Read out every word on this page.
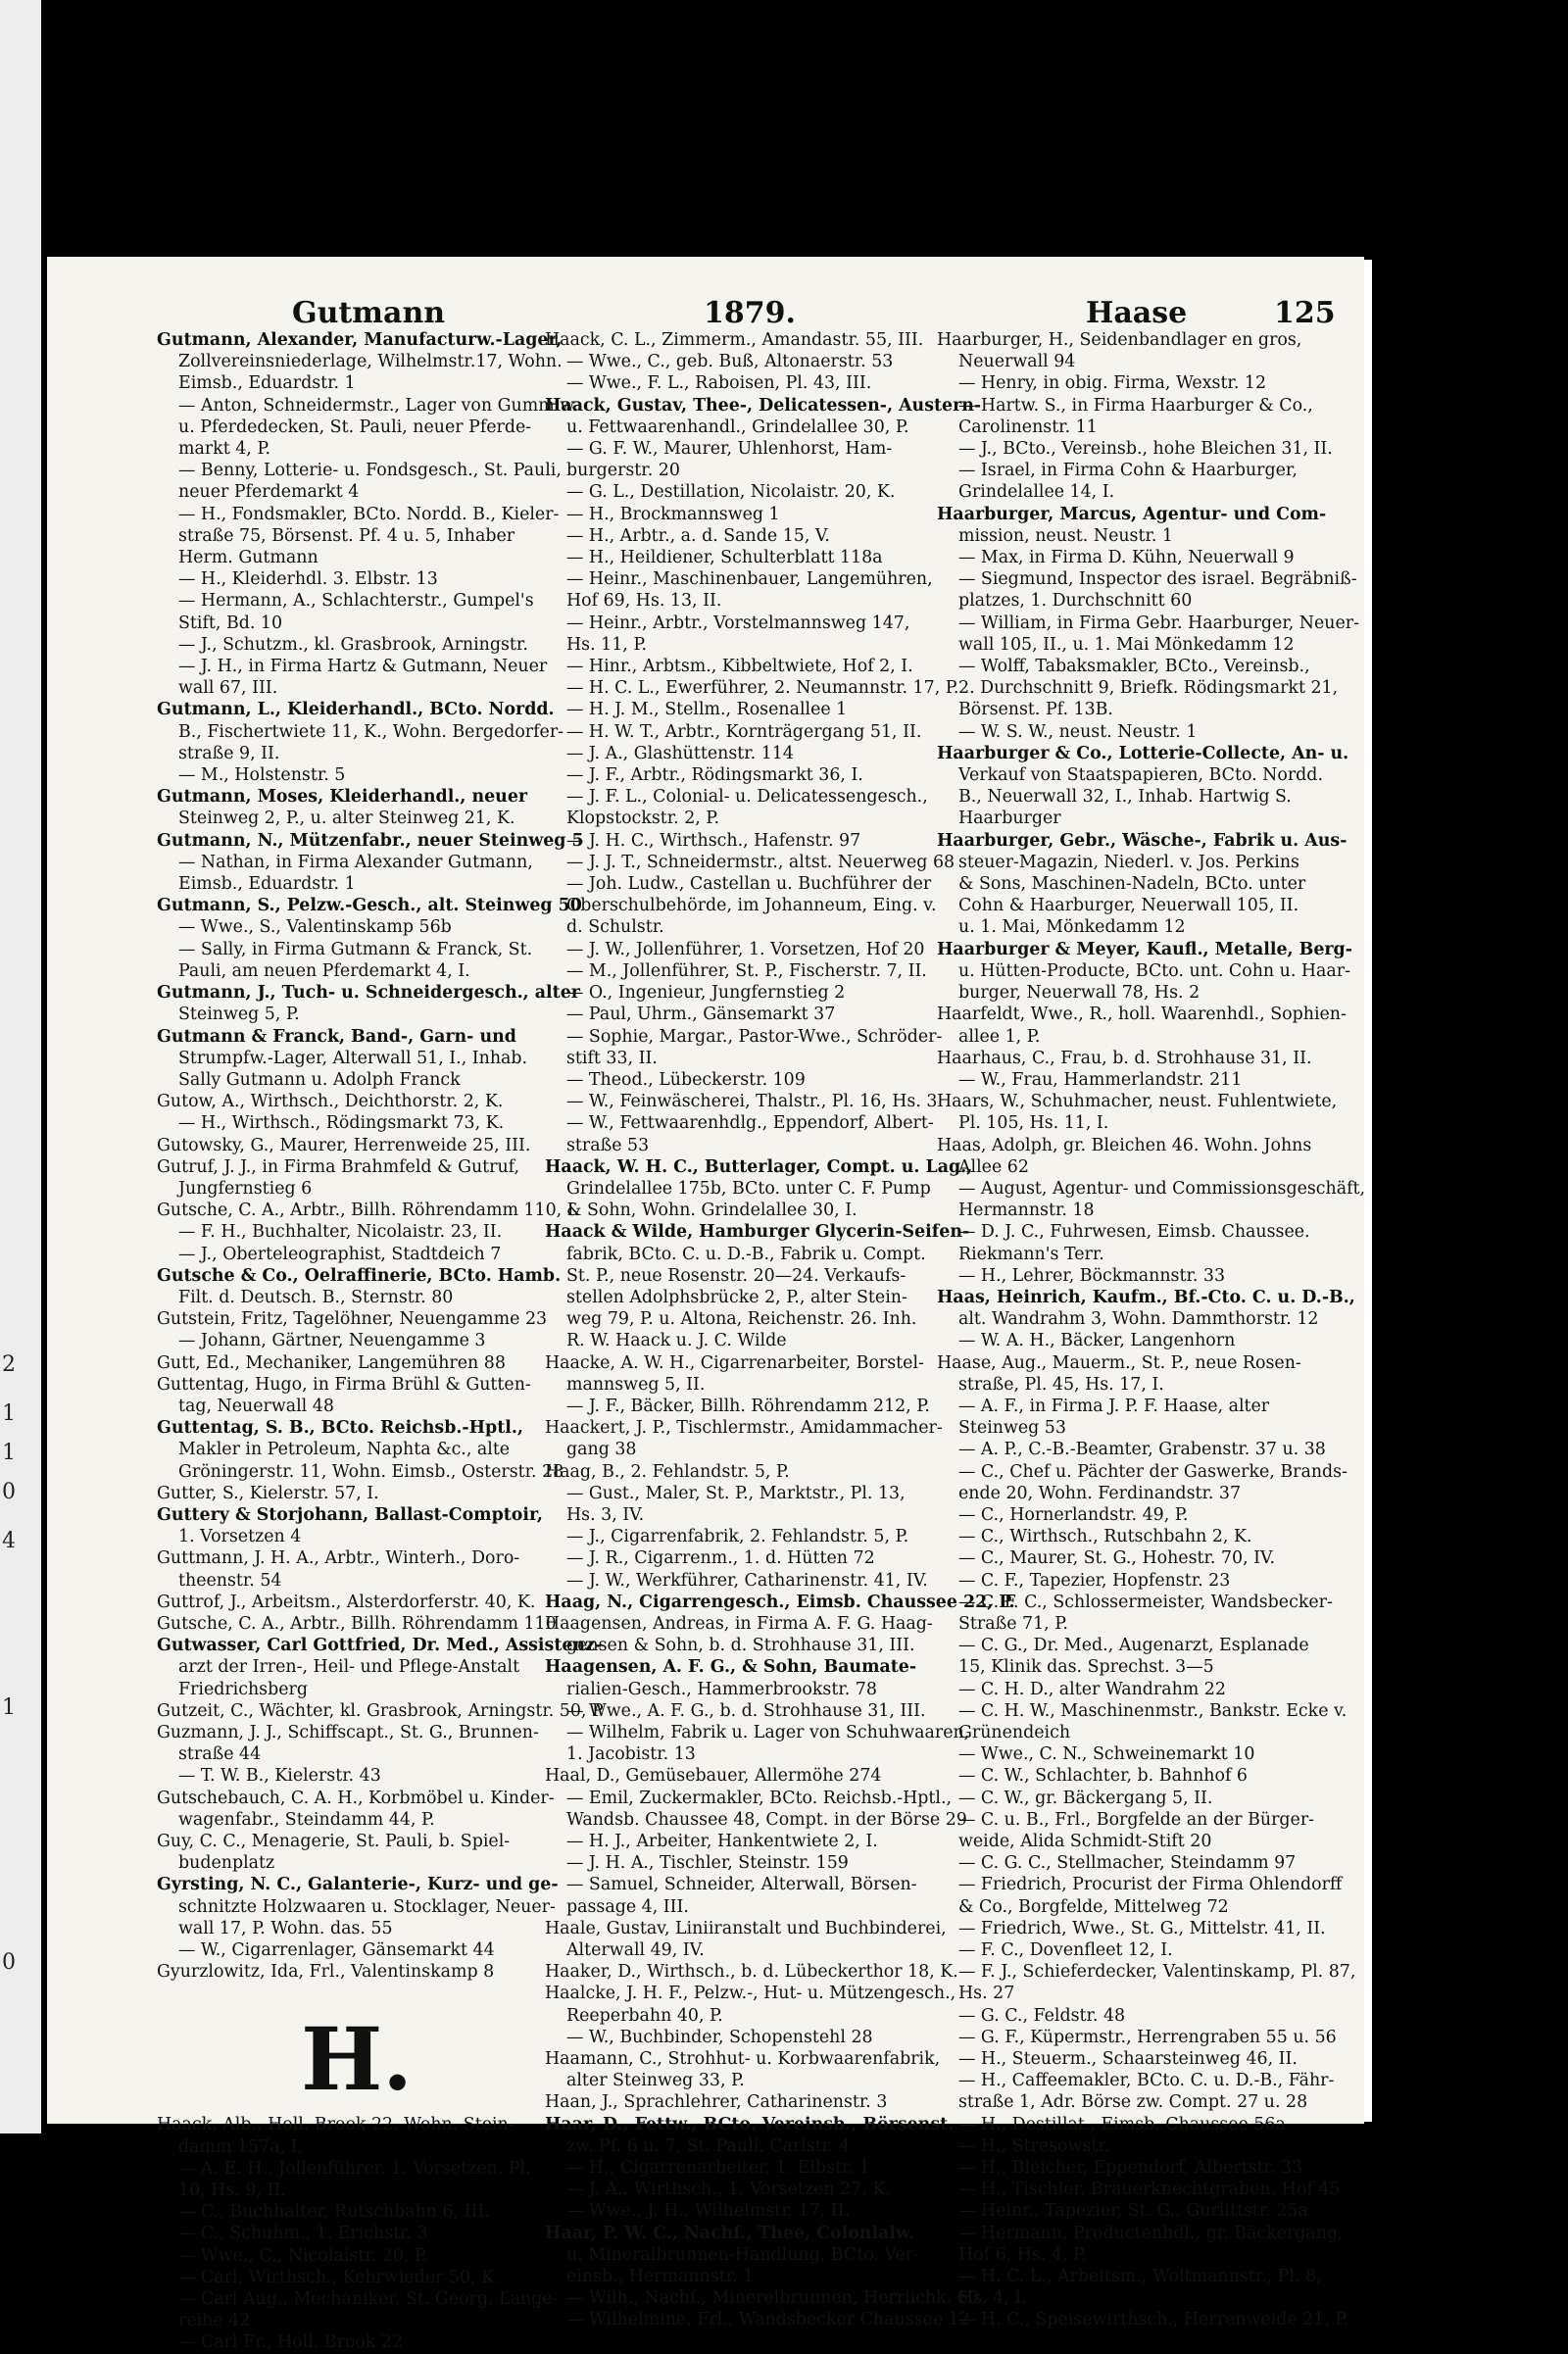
2
1
1
0
4
1
0
Gutmann	1879.	Haase	125
Gutmann, Alexander, Manufacturw.-Lager,
Zollvereinsniederlage, Wilhelmstr.17, Wohn.
Eimsb., Eduardstr. 1
— Anton, Schneidermstr., Lager von Gummiw.
u. Pferdedecken, St. Pauli, neuer Pferde-
markt 4, P.
— Benny, Lotterie- u. Fondsgesch., St. Pauli,
neuer Pferdemarkt 4
— H., Fondsmakler, BCto. Nordd. B., Kieler-
straße 75, Börsenst. Pf. 4 u. 5, Inhaber
Herm. Gutmann
— H., Kleiderhdl. 3. Elbstr. 13
— Hermann, A., Schlachterstr., Gumpel's
Stift, Bd. 10
— J., Schutzm., kl. Grasbrook, Arningstr.
— J. H., in Firma Hartz & Gutmann, Neuer
wall 67, III.
Gutmann, L., Kleiderhandl., BCto. Nordd.
B., Fischertwiete 11, K., Wohn. Bergedorfer-
straße 9, II.
— M., Holstenstr. 5
Gutmann, Moses, Kleiderhandl., neuer
Steinweg 2, P., u. alter Steinweg 21, K.
Gutmann, N., Mützenfabr., neuer Steinweg 5
— Nathan, in Firma Alexander Gutmann,
Eimsb., Eduardstr. 1
Gutmann, S., Pelzw.-Gesch., alt. Steinweg 50
— Wwe., S., Valentinskamp 56b
— Sally, in Firma Gutmann & Franck, St.
Pauli, am neuen Pferdemarkt 4, I.
Gutmann, J., Tuch- u. Schneidergesch., alter
Steinweg 5, P.
Gutmann & Franck, Band-, Garn- und
Strumpfw.-Lager, Alterwall 51, I., Inhab.
Sally Gutmann u. Adolph Franck
Gutow, A., Wirthsch., Deichthorstr. 2, K.
— H., Wirthsch., Rödingsmarkt 73, K.
Gutowsky, G., Maurer, Herrenweide 25, III.
Gutruf, J. J., in Firma Brahmfeld & Gutruf,
Jungfernstieg 6
Gutsche, C. A., Arbtr., Billh. Röhrendamm 110, I.
— F. H., Buchhalter, Nicolaistr. 23, II.
— J., Oberteleographist, Stadtdeich 7
Gutsche & Co., Oelraffinerie, BCto. Hamb.
Filt. d. Deutsch. B., Sternstr. 80
Gutstein, Fritz, Tagelöhner, Neuengamme 23
— Johann, Gärtner, Neuengamme 3
Gutt, Ed., Mechaniker, Langemühren 88
Guttentag, Hugo, in Firma Brühl & Gutten-
tag, Neuerwall 48
Guttentag, S. B., BCto. Reichsb.-Hptl.,
Makler in Petroleum, Naphta &c., alte
Gröningerstr. 11, Wohn. Eimsb., Osterstr. 28
Gutter, S., Kielerstr. 57, I.
Guttery & Storjohann, Ballast-Comptoir,
1. Vorsetzen 4
Guttmann, J. H. A., Arbtr., Winterh., Doro-
theenstr. 54
Guttrof, J., Arbeitsm., Alsterdorferstr. 40, K.
Gutsche, C. A., Arbtr., Billh. Röhrendamm 110
Gutwasser, Carl Gottfried, Dr. Med., Assistenz-
arzt der Irren-, Heil- und Pflege-Anstalt
Friedrichsberg
Gutzeit, C., Wächter, kl. Grasbrook, Arningstr. 50, P
Guzmann, J. J., Schiffscapt., St. G., Brunnen-
straße 44
— T. W. B., Kielerstr. 43
Gutschebauch, C. A. H., Korbmöbel u. Kinder-
wagenfabr., Steindamm 44, P.
Guy, C. C., Menagerie, St. Pauli, b. Spiel-
budenplatz
Gyrsting, N. C., Galanterie-, Kurz- und ge-
schnitzte Holzwaaren u. Stocklager, Neuer-
wall 17, P. Wohn. das. 55
— W., Cigarrenlager, Gänsemarkt 44
Gyurzlowitz, Ida, Frl., Valentinskamp 8
H.
Haack, Alb., Holl. Brook 22, Wohn. Stein-
damm 157a, I.
— A. E. H., Jollenführer, 1. Vorsetzen, Pl.
10, Hs. 9, II.
— C., Buchhalter, Rutschbahn 6, III.
— C., Schuhm., 1. Erichstr. 3
— Wwe., C., Nicolaistr. 20, P.
— Carl, Wirthsch., Kehrwieder 50, K.
— Carl Aug., Mechaniker, St. Georg, Lange-
reihe 42
— Carl Fr., Holl. Brook 22
Haack, C. L., Zimmerm., Amandastr. 55, III.
— Wwe., C., geb. Buß, Altonaerstr. 53
— Wwe., F. L., Raboisen, Pl. 43, III.
Haack, Gustav, Thee-, Delicatessen-, Austern-
u. Fettwaarenhandl., Grindelallee 30, P.
— G. F. W., Maurer, Uhlenhorst, Ham-
burgerstr. 20
— G. L., Destillation, Nicolaistr. 20, K.
— H., Brockmannsweg 1
— H., Arbtr., a. d. Sande 15, V.
— H., Heildiener, Schulterblatt 118a
— Heinr., Maschinenbauer, Langemühren,
Hof 69, Hs. 13, II.
— Heinr., Arbtr., Vorstelmannsweg 147,
Hs. 11, P.
— Hinr., Arbtsm., Kibbeltwiete, Hof 2, I.
— H. C. L., Ewerführer, 2. Neumannstr. 17, P.
— H. J. M., Stellm., Rosenallee 1
— H. W. T., Arbtr., Kornträgergang 51, II.
— J. A., Glashüttenstr. 114
— J. F., Arbtr., Rödingsmarkt 36, I.
— J. F. L., Colonial- u. Delicatessengesch.,
Klopstockstr. 2, P.
— J. H. C., Wirthsch., Hafenstr. 97
— J. J. T., Schneidermstr., altst. Neuerweg 68
— Joh. Ludw., Castellan u. Buchführer der
Oberschulbehörde, im Johanneum, Eing. v.
d. Schulstr.
— J. W., Jollenführer, 1. Vorsetzen, Hof 20
— M., Jollenführer, St. P., Fischerstr. 7, II.
— O., Ingenieur, Jungfernstieg 2
— Paul, Uhrm., Gänsemarkt 37
— Sophie, Margar., Pastor-Wwe., Schröder-
stift 33, II.
— Theod., Lübeckerstr. 109
— W., Feinwäscherei, Thalstr., Pl. 16, Hs. 3
— W., Fettwaarenhdlg., Eppendorf, Albert-
straße 53
Haack, W. H. C., Butterlager, Compt. u. Lag.,
Grindelallee 175b, BCto. unter C. F. Pump
& Sohn, Wohn. Grindelallee 30, I.
Haack & Wilde, Hamburger Glycerin-Seifen-
fabrik, BCto. C. u. D.-B., Fabrik u. Compt.
St. P., neue Rosenstr. 20—24. Verkaufs-
stellen Adolphsbrücke 2, P., alter Stein-
weg 79, P. u. Altona, Reichenstr. 26. Inh.
R. W. Haack u. J. C. Wilde
Haacke, A. W. H., Cigarrenarbeiter, Borstel-
mannsweg 5, II.
— J. F., Bäcker, Billh. Röhrendamm 212, P.
Haackert, J. P., Tischlermstr., Amidammacher-
gang 38
Haag, B., 2. Fehlandstr. 5, P.
— Gust., Maler, St. P., Marktstr., Pl. 13,
Hs. 3, IV.
— J., Cigarrenfabrik, 2. Fehlandstr. 5, P.
— J. R., Cigarrenm., 1. d. Hütten 72
— J. W., Werkführer, Catharinenstr. 41, IV.
Haag, N., Cigarrengesch., Eimsb. Chaussee 22, P.
Haagensen, Andreas, in Firma A. F. G. Haag-
gensen & Sohn, b. d. Strohhause 31, III.
Haagensen, A. F. G., & Sohn, Baumate-
rialien-Gesch., Hammerbrookstr. 78
— Wwe., A. F. G., b. d. Strohhause 31, III.
— Wilhelm, Fabrik u. Lager von Schuhwaaren,
1. Jacobistr. 13
Haal, D., Gemüsebauer, Allermöhe 274
— Emil, Zuckermakler, BCto. Reichsb.-Hptl.,
Wandsb. Chaussee 48, Compt. in der Börse 29
— H. J., Arbeiter, Hankentwiete 2, I.
— J. H. A., Tischler, Steinstr. 159
— Samuel, Schneider, Alterwall, Börsen-
passage 4, III.
Haale, Gustav, Liniiranstalt und Buchbinderei,
Alterwall 49, IV.
Haaker, D., Wirthsch., b. d. Lübeckerthor 18, K.
Haalcke, J. H. F., Pelzw.-, Hut- u. Mützengesch.,
Reeperbahn 40, P.
— W., Buchbinder, Schopenstehl 28
Haamann, C., Strohhut- u. Korbwaarenfabrik,
alter Steinweg 33, P.
Haan, J., Sprachlehrer, Catharinenstr. 3
Haar, D., Fettw., BCto. Vereinsb., Börsenst.
zw. Pf. 6 u. 7, St. Pauli, Carlstr. 4
— H., Cigarrenarbeiter, 1. Elbstr. 1
— J. A., Wirthsch., 1. Vorsetzen 27, K.
— Wwe., J. H., Wilhelmstr. 17, II.
Haar, P. W. C., Nachf., Thee, Colonialw.
u. Mineralbrunnen-Handlung, BCto. Ver-
einsb., Hermannstr. 1
— Wilh., Nachf., Minerelbrunnen, Herrlichk. 60
— Wilhelmine, Frl., Wandsbecker Chaussee 12
Haarburger, H., Seidenbandlager en gros,
Neuerwall 94
— Henry, in obig. Firma, Wexstr. 12
— Hartw. S., in Firma Haarburger & Co.,
Carolinenstr. 11
— J., BCto., Vereinsb., hohe Bleichen 31, II.
— Israel, in Firma Cohn & Haarburger,
Grindelallee 14, I.
Haarburger, Marcus, Agentur- und Com-
mission, neust. Neustr. 1
— Max, in Firma D. Kühn, Neuerwall 9
— Siegmund, Inspector des israel. Begräbniß-
platzes, 1. Durchschnitt 60
— William, in Firma Gebr. Haarburger, Neuer-
wall 105, II., u. 1. Mai Mönkedamm 12
— Wolff, Tabaksmakler, BCto., Vereinsb.,
2. Durchschnitt 9, Briefk. Rödingsmarkt 21,
Börsenst. Pf. 13B.
— W. S. W., neust. Neustr. 1
Haarburger & Co., Lotterie-Collecte, An- u.
Verkauf von Staatspapieren, BCto. Nordd.
B., Neuerwall 32, I., Inhab. Hartwig S.
Haarburger
Haarburger, Gebr., Wäsche-, Fabrik u. Aus-
steuer-Magazin, Niederl. v. Jos. Perkins
& Sons, Maschinen-Nadeln, BCto. unter
Cohn & Haarburger, Neuerwall 105, II.
u. 1. Mai, Mönkedamm 12
Haarburger & Meyer, Kaufl., Metalle, Berg-
u. Hütten-Producte, BCto. unt. Cohn u. Haar-
burger, Neuerwall 78, Hs. 2
Haarfeldt, Wwe., R., holl. Waarenhdl., Sophien-
allee 1, P.
Haarhaus, C., Frau, b. d. Strohhause 31, II.
— W., Frau, Hammerlandstr. 211
Haars, W., Schuhmacher, neust. Fuhlentwiete,
Pl. 105, Hs. 11, I.
Haas, Adolph, gr. Bleichen 46. Wohn. Johns
Allee 62
— August, Agentur- und Commissionsgeschäft,
Hermannstr. 18
— D. J. C., Fuhrwesen, Eimsb. Chaussee.
Riekmann's Terr.
— H., Lehrer, Böckmannstr. 33
Haas, Heinrich, Kaufm., Bf.-Cto. C. u. D.-B.,
alt. Wandrahm 3, Wohn. Dammthorstr. 12
— W. A. H., Bäcker, Langenhorn
Haase, Aug., Mauerm., St. P., neue Rosen-
straße, Pl. 45, Hs. 17, I.
— A. F., in Firma J. P. F. Haase, alter
Steinweg 53
— A. P., C.-B.-Beamter, Grabenstr. 37 u. 38
— C., Chef u. Pächter der Gaswerke, Brands-
ende 20, Wohn. Ferdinandstr. 37
— C., Hornerlandstr. 49, P.
— C., Wirthsch., Rutschbahn 2, K.
— C., Maurer, St. G., Hohestr. 70, IV.
— C. F., Tapezier, Hopfenstr. 23
— C. F. C., Schlossermeister, Wandsbecker-
Straße 71, P.
— C. G., Dr. Med., Augenarzt, Esplanade
15, Klinik das. Sprechst. 3—5
— C. H. D., alter Wandrahm 22
— C. H. W., Maschinenmstr., Bankstr. Ecke v.
Grünendeich
— Wwe., C. N., Schweinemarkt 10
— C. W., Schlachter, b. Bahnhof 6
— C. W., gr. Bäckergang 5, II.
— C. u. B., Frl., Borgfelde an der Bürger-
weide, Alida Schmidt-Stift 20
— C. G. C., Stellmacher, Steindamm 97
— Friedrich, Procurist der Firma Ohlendorff
& Co., Borgfelde, Mittelweg 72
— Friedrich, Wwe., St. G., Mittelstr. 41, II.
— F. C., Dovenfleet 12, I.
— F. J., Schieferdecker, Valentinskamp, Pl. 87,
Hs. 27
— G. C., Feldstr. 48
— G. F., Küpermstr., Herrengraben 55 u. 56
— H., Steuerm., Schaarsteinweg 46, II.
— H., Caffeemakler, BCto. C. u. D.-B., Fähr-
straße 1, Adr. Börse zw. Compt. 27 u. 28
— H., Destillat., Eimsb. Chaussee 56a
— H., Stresowstr.
— H., Bleicher, Eppendorf, Albertstr. 33
— H., Tischler, Brauerknechtgraben, Hof 45
— Heinr., Tapezier, St. G., Gurlittstr. 25a
— Hermann, Productenhdl., gr. Bäckergang,
Hof 6, Hs. 4, P.
— H. C. L., Arbeitsm., Woltmannstr., Pl. 8,
Hs. 4, I.
— H. C., Speisewirthsch., Herrenweide 21, P.
